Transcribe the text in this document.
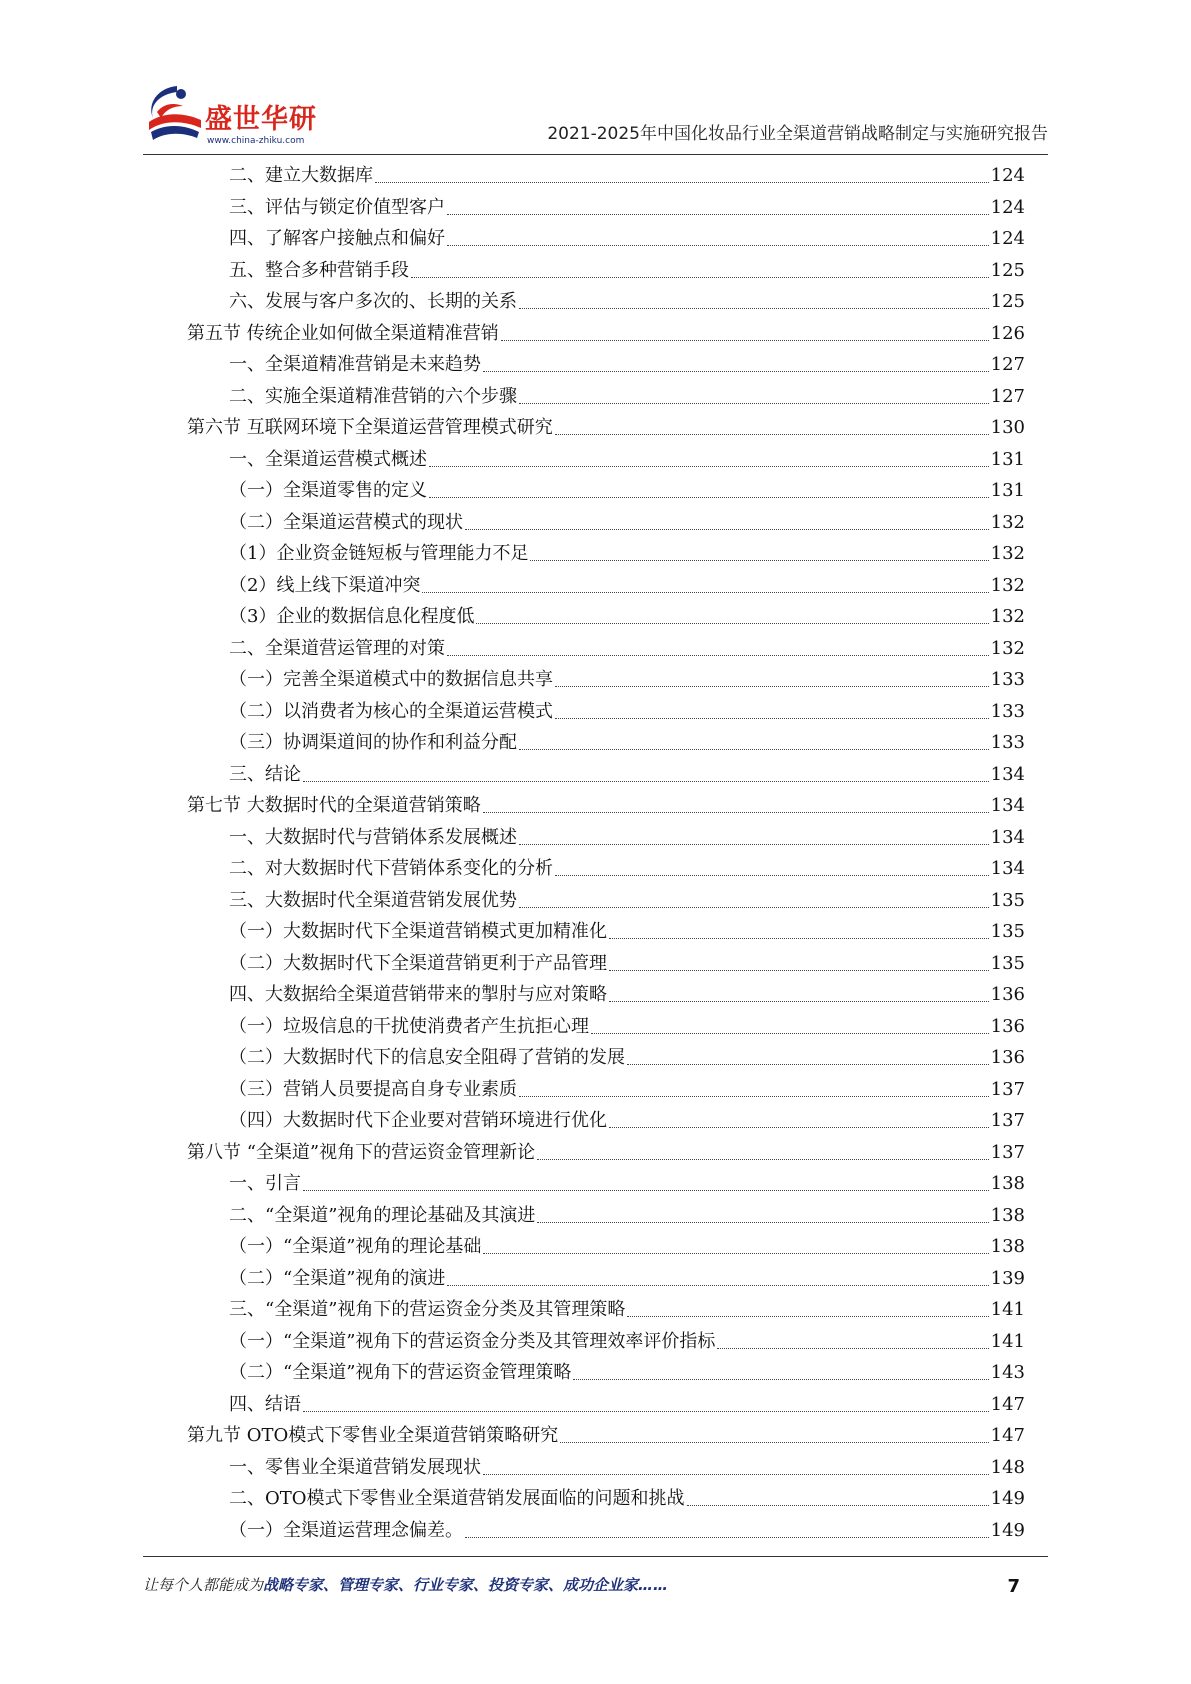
盛世华研
www.china-zhiku.com	2021-2025年中国化妆品行业全渠道营销战略制定与实施研究报告
二、建立大数据库	124
三、评估与锁定价值型客户	124
四、了解客户接触点和偏好	124
五、整合多种营销手段	125
六、发展与客户多次的、长期的关系	125
第五节 传统企业如何做全渠道精准营销	126
一、全渠道精准营销是未来趋势	127
二、实施全渠道精准营销的六个步骤	127
第六节 互联网环境下全渠道运营管理模式研究	130
一、全渠道运营模式概述	131
（一）全渠道零售的定义	131
（二）全渠道运营模式的现状	132
（1）企业资金链短板与管理能力不足	132
（2）线上线下渠道冲突	132
（3）企业的数据信息化程度低	132
二、全渠道营运管理的对策	132
（一）完善全渠道模式中的数据信息共享	133
（二）以消费者为核心的全渠道运营模式	133
（三）协调渠道间的协作和利益分配	133
三、结论	134
第七节 大数据时代的全渠道营销策略	134
一、大数据时代与营销体系发展概述	134
二、对大数据时代下营销体系变化的分析	134
三、大数据时代全渠道营销发展优势	135
（一）大数据时代下全渠道营销模式更加精准化	135
（二）大数据时代下全渠道营销更利于产品管理	135
四、大数据给全渠道营销带来的掣肘与应对策略	136
（一）垃圾信息的干扰使消费者产生抗拒心理	136
（二）大数据时代下的信息安全阻碍了营销的发展	136
（三）营销人员要提高自身专业素质	137
（四）大数据时代下企业要对营销环境进行优化	137
第八节 “全渠道”视角下的营运资金管理新论	137
一、引言	138
二、“全渠道”视角的理论基础及其演进	138
（一）“全渠道”视角的理论基础	138
（二）“全渠道”视角的演进	139
三、“全渠道”视角下的营运资金分类及其管理策略	141
（一）“全渠道”视角下的营运资金分类及其管理效率评价指标	141
（二）“全渠道”视角下的营运资金管理策略	143
四、结语	147
第九节 OTO模式下零售业全渠道营销策略研究	147
一、零售业全渠道营销发展现状	148
二、OTO模式下零售业全渠道营销发展面临的问题和挑战	149
（一）全渠道运营理念偏差。	149
让每个人都能成为战略专家、管理专家、行业专家、投资专家、成功企业家……	7
